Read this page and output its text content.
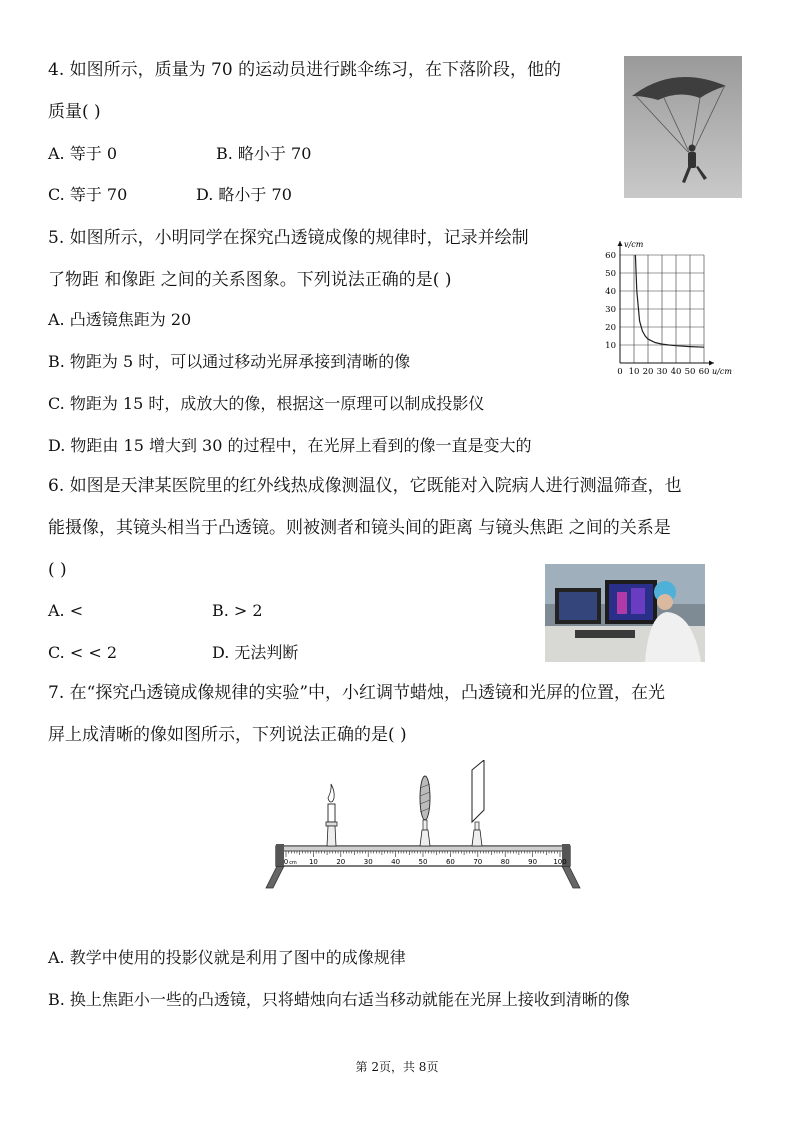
4. 如图所示，质量为 70 的运动员进行跳伞练习，在下落阶段，他的
质量( )
A. 等于 0	B. 略小于 70
C. 等于 70	D. 略小于 70
5. 如图所示，小明同学在探究凸透镜成像的规律时，记录并绘制
了物距 和像距 之间的关系图象。下列说法正确的是( )
A. 凸透镜焦距为 20
B. 物距为 5 时，可以通过移动光屏承接到清晰的像
C. 物距为 15 时，成放大的像，根据这一原理可以制成投影仪
D. 物距由 15 增大到 30 的过程中，在光屏上看到的像一直是变大的
0 10 20 30 40 50 60
10
20
30
40
50
60
v/cm
u/cm
6. 如图是天津某医院里的红外线热成像测温仪，它既能对入院病人进行测温筛查，也
能摄像，其镜头相当于凸透镜。则被测者和镜头间的距离 与镜头焦距 之间的关系是
( )
A. <	B. > 2
C. < < 2	D. 无法判断
7. 在“探究凸透镜成像规律的实验”中，小红调节蜡烛，凸透镜和光屏的位置，在光
屏上成清晰的像如图所示，下列说法正确的是( )
0 cm 10	20	30	40	50	60	70	80	90 100
A. 教学中使用的投影仪就是利用了图中的成像规律
B. 换上焦距小一些的凸透镜，只将蜡烛向右适当移动就能在光屏上接收到清晰的像
第 2页，共 8页
